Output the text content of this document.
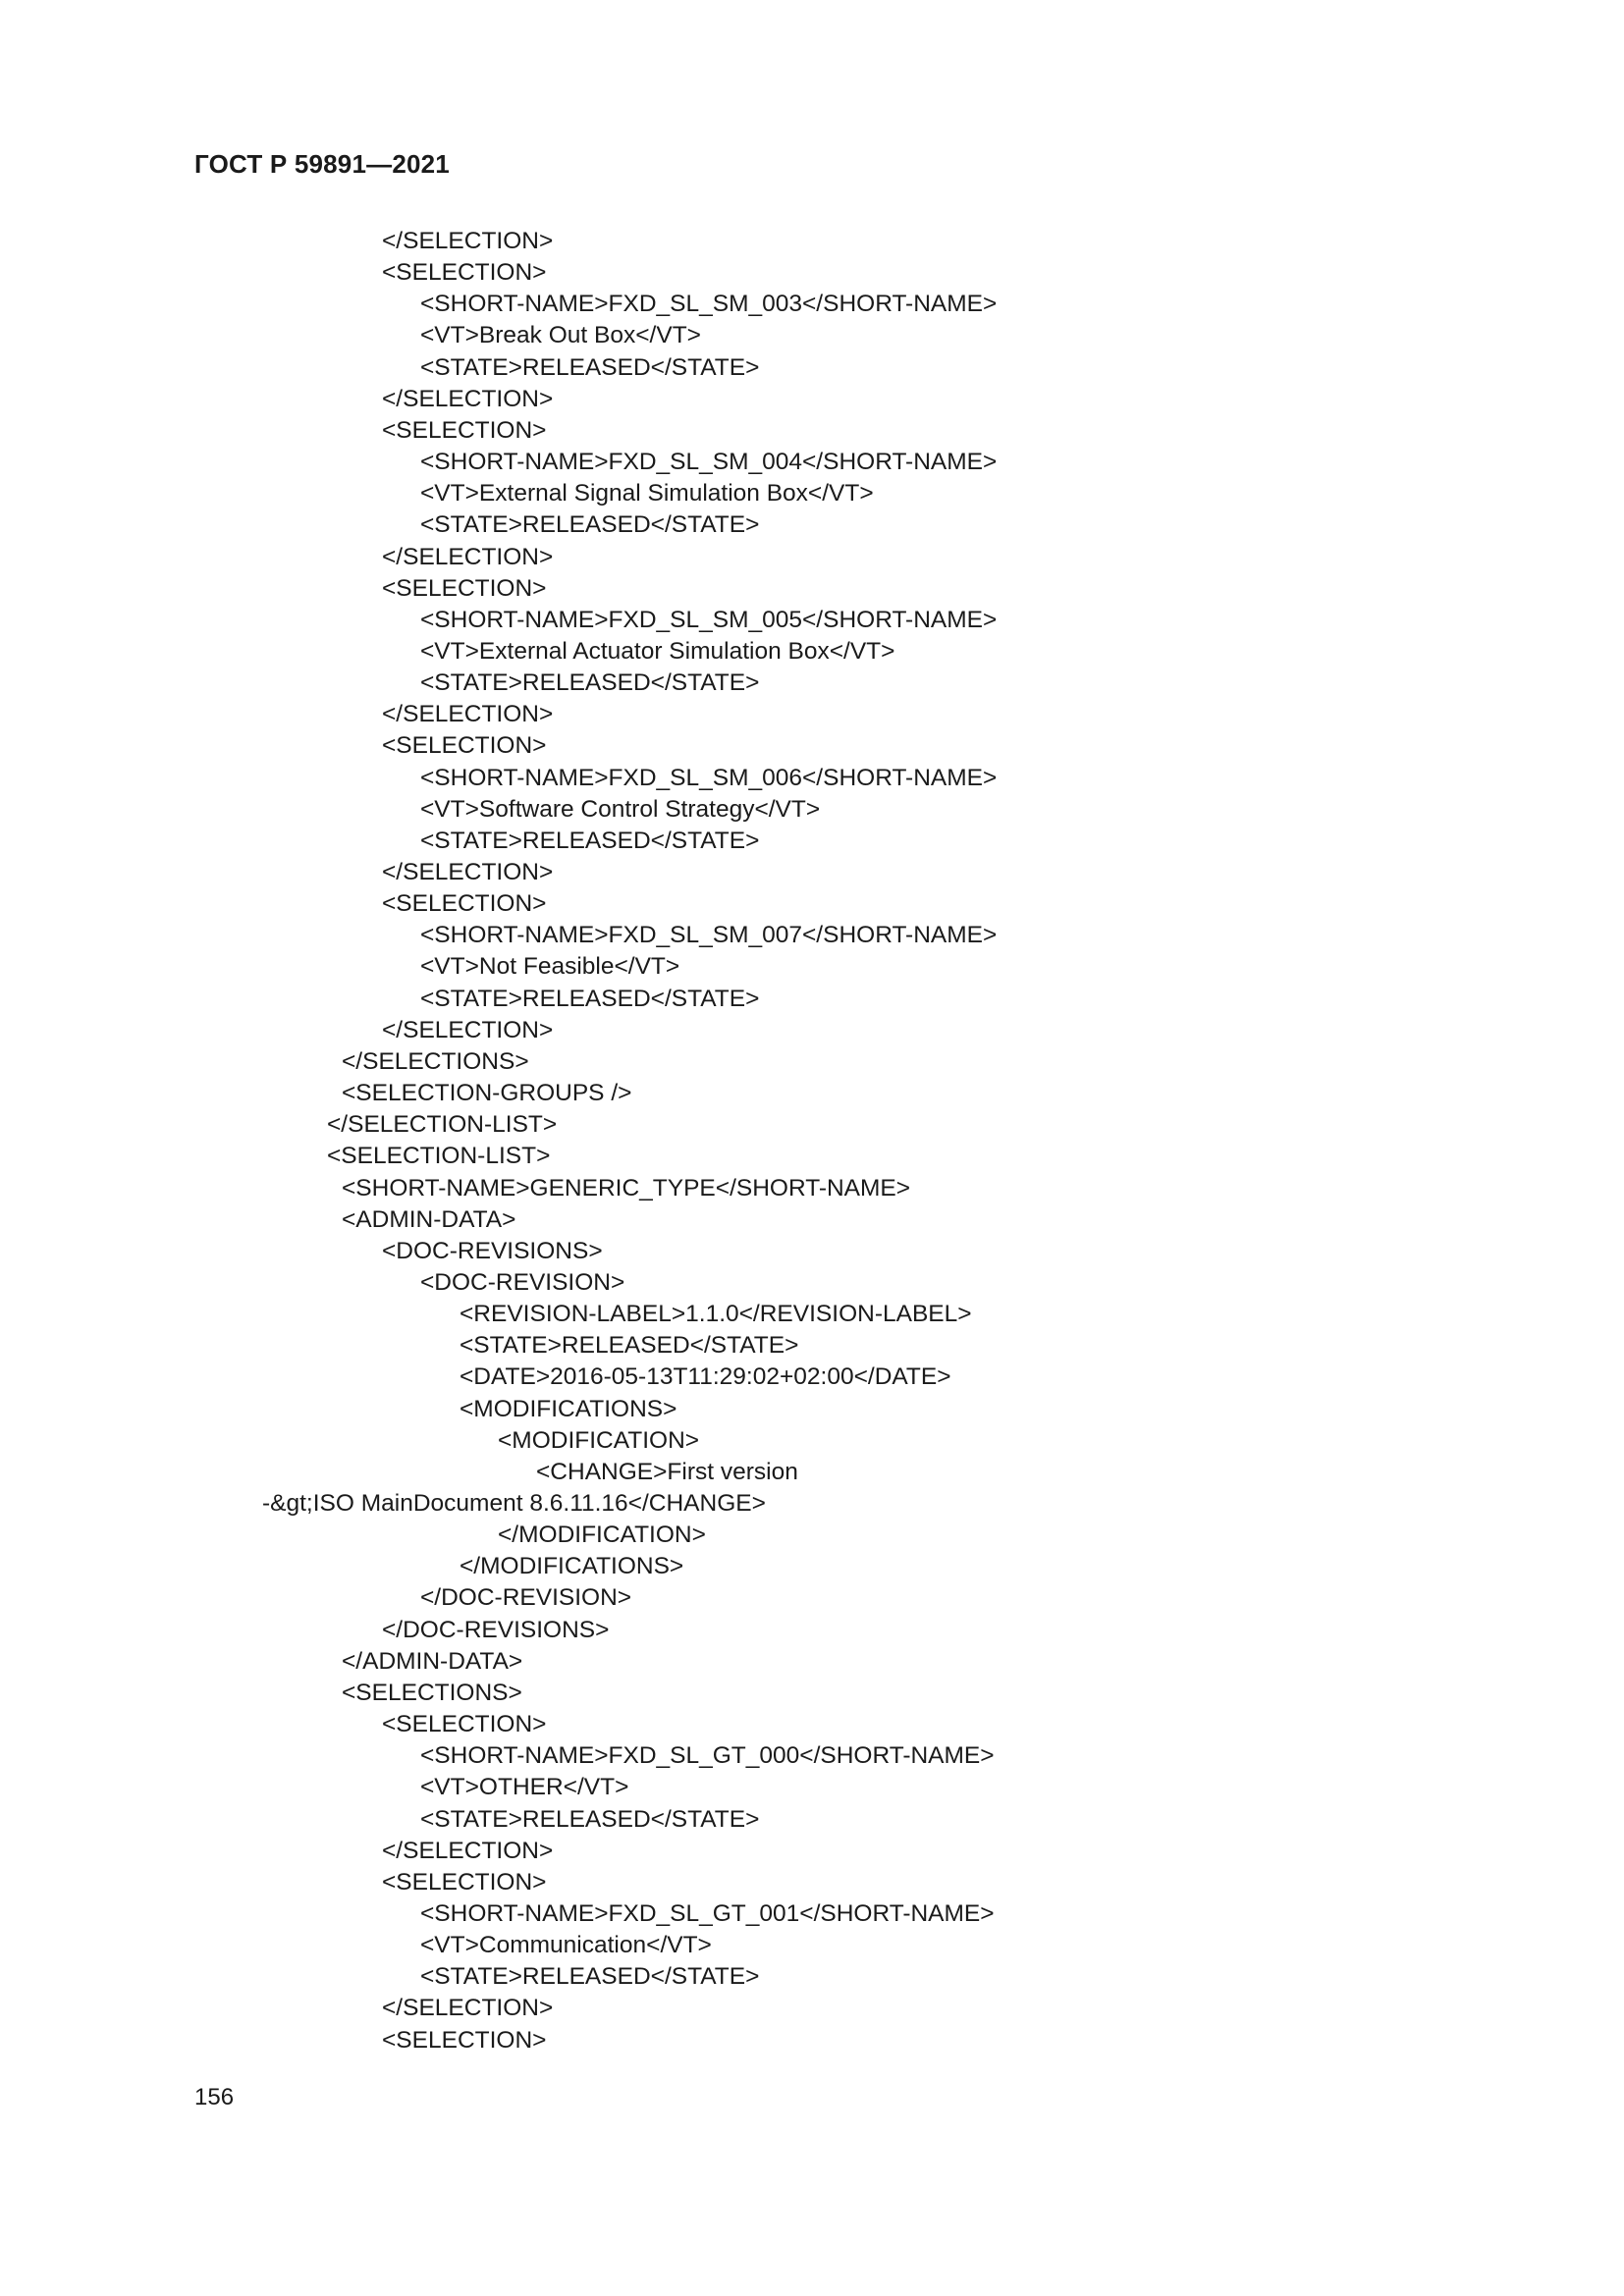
ГОСТ Р 59891—2021
</SELECTION>
<SELECTION>
<SHORT-NAME>FXD_SL_SM_003</SHORT-NAME>
<VT>Break Out Box</VT>
<STATE>RELEASED</STATE>
</SELECTION>
<SELECTION>
<SHORT-NAME>FXD_SL_SM_004</SHORT-NAME>
<VT>External Signal Simulation Box</VT>
<STATE>RELEASED</STATE>
</SELECTION>
<SELECTION>
<SHORT-NAME>FXD_SL_SM_005</SHORT-NAME>
<VT>External Actuator Simulation Box</VT>
<STATE>RELEASED</STATE>
</SELECTION>
<SELECTION>
<SHORT-NAME>FXD_SL_SM_006</SHORT-NAME>
<VT>Software Control Strategy</VT>
<STATE>RELEASED</STATE>
</SELECTION>
<SELECTION>
<SHORT-NAME>FXD_SL_SM_007</SHORT-NAME>
<VT>Not Feasible</VT>
<STATE>RELEASED</STATE>
</SELECTION>
</SELECTIONS>
<SELECTION-GROUPS />
</SELECTION-LIST>
<SELECTION-LIST>
<SHORT-NAME>GENERIC_TYPE</SHORT-NAME>
<ADMIN-DATA>
<DOC-REVISIONS>
<DOC-REVISION>
<REVISION-LABEL>1.1.0</REVISION-LABEL>
<STATE>RELEASED</STATE>
<DATE>2016-05-13T11:29:02+02:00</DATE>
<MODIFICATIONS>
<MODIFICATION>
<CHANGE>First version
-&gt;ISO MainDocument 8.6.11.16</CHANGE>
</MODIFICATION>
</MODIFICATIONS>
</DOC-REVISION>
</DOC-REVISIONS>
</ADMIN-DATA>
<SELECTIONS>
<SELECTION>
<SHORT-NAME>FXD_SL_GT_000</SHORT-NAME>
<VT>OTHER</VT>
<STATE>RELEASED</STATE>
</SELECTION>
<SELECTION>
<SHORT-NAME>FXD_SL_GT_001</SHORT-NAME>
<VT>Communication</VT>
<STATE>RELEASED</STATE>
</SELECTION>
<SELECTION>
156
